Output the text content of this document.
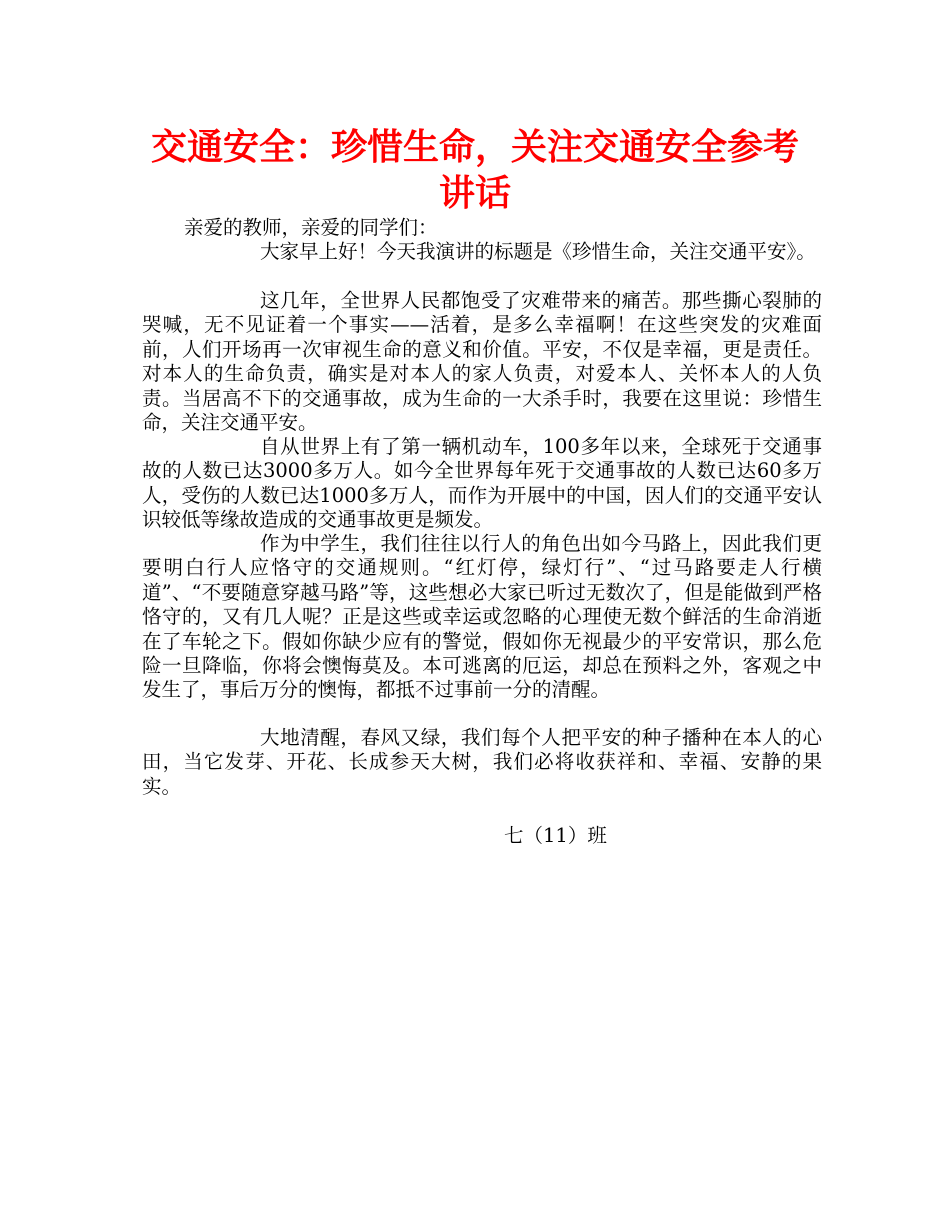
交通安全：珍惜生命，关注交通安全参考
讲话

亲爱的教师，亲爱的同学们：

大家早上好！今天我演讲的标题是《珍惜生命，关注交通平安》。

这几年，全世界人民都饱受了灾难带来的痛苦。那些撕心裂肺的哭喊，无不见证着一个事实——活着，是多么幸福啊！在这些突发的灾难面前，人们开场再一次审视生命的意义和价值。平安，不仅是幸福，更是责任。对本人的生命负责，确实是对本人的家人负责，对爱本人、关怀本人的人负责。当居高不下的交通事故，成为生命的一大杀手时，我要在这里说：珍惜生命，关注交通平安。

自从世界上有了第一辆机动车，100多年以来，全球死于交通事故的人数已达3000多万人。如今全世界每年死于交通事故的人数已达60多万人，受伤的人数已达1000多万人，而作为开展中的中国，因人们的交通平安认识较低等缘故造成的交通事故更是频发。

作为中学生，我们往往以行人的角色出如今马路上，因此我们更要明白行人应恪守的交通规则。“红灯停，绿灯行”、“过马路要走人行横道”、“不要随意穿越马路”等，这些想必大家已听过无数次了，但是能做到严格恪守的，又有几人呢？正是这些或幸运或忽略的心理使无数个鲜活的生命消逝在了车轮之下。假如你缺少应有的警觉，假如你无视最少的平安常识，那么危险一旦降临，你将会懊悔莫及。本可逃离的厄运，却总在预料之外，客观之中发生了，事后万分的懊悔，都抵不过事前一分的清醒。

大地清醒，春风又绿，我们每个人把平安的种子播种在本人的心田，当它发芽、开花、长成参天大树，我们必将收获祥和、幸福、安静的果实。

七（11）班
